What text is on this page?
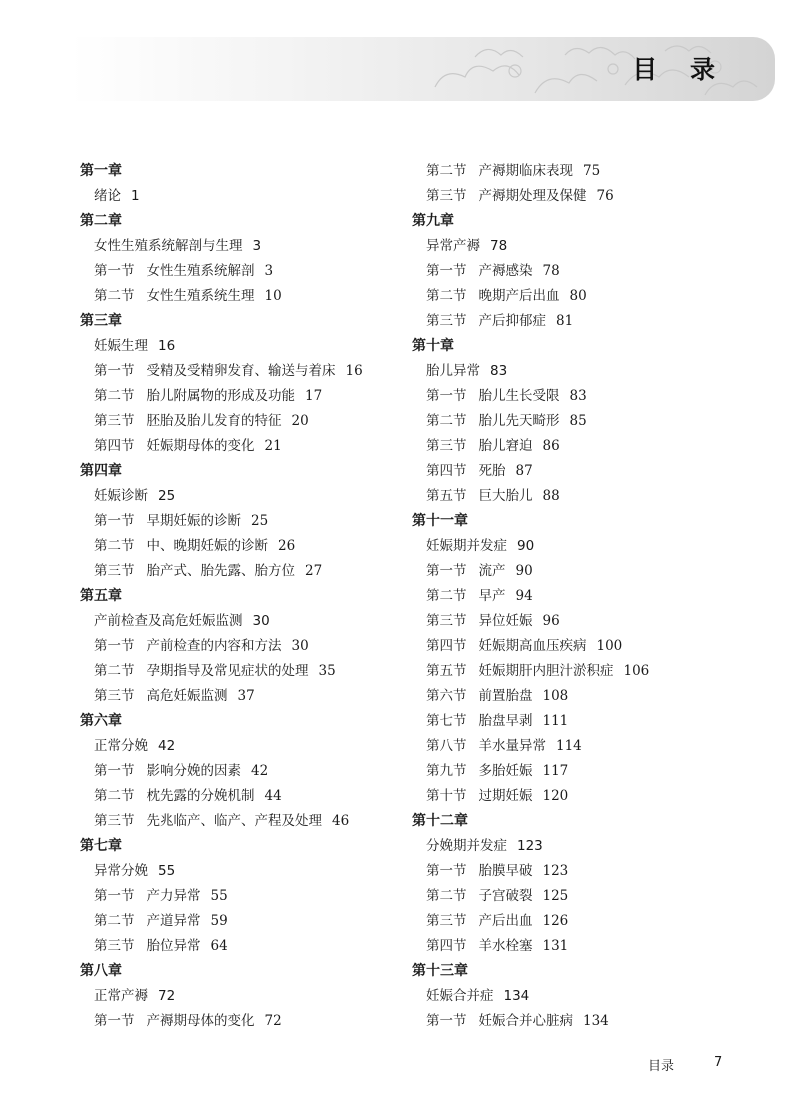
目 录
第一章
绪论 1
第二章
女性生殖系统解剖与生理 3
第一节 女性生殖系统解剖 3
第二节 女性生殖系统生理 10
第三章
妊娠生理 16
第一节 受精及受精卵发育、输送与着床 16
第二节 胎儿附属物的形成及功能 17
第三节 胚胎及胎儿发育的特征 20
第四节 妊娠期母体的变化 21
第四章
妊娠诊断 25
第一节 早期妊娠的诊断 25
第二节 中、晚期妊娠的诊断 26
第三节 胎产式、胎先露、胎方位 27
第五章
产前检查及高危妊娠监测 30
第一节 产前检查的内容和方法 30
第二节 孕期指导及常见症状的处理 35
第三节 高危妊娠监测 37
第六章
正常分娩 42
第一节 影响分娩的因素 42
第二节 枕先露的分娩机制 44
第三节 先兆临产、临产、产程及处理 46
第七章
异常分娩 55
第一节 产力异常 55
第二节 产道异常 59
第三节 胎位异常 64
第八章
正常产褥 72
第一节 产褥期母体的变化 72
第二节 产褥期临床表现 75
第三节 产褥期处理及保健 76
第九章
异常产褥 78
第一节 产褥感染 78
第二节 晚期产后出血 80
第三节 产后抑郁症 81
第十章
胎儿异常 83
第一节 胎儿生长受限 83
第二节 胎儿先天畸形 85
第三节 胎儿窘迫 86
第四节 死胎 87
第五节 巨大胎儿 88
第十一章
妊娠期并发症 90
第一节 流产 90
第二节 早产 94
第三节 异位妊娠 96
第四节 妊娠期高血压疾病 100
第五节 妊娠期肝内胆汁淤积症 106
第六节 前置胎盘 108
第七节 胎盘早剥 111
第八节 羊水量异常 114
第九节 多胎妊娠 117
第十节 过期妊娠 120
第十二章
分娩期并发症 123
第一节 胎膜早破 123
第二节 子宫破裂 125
第三节 产后出血 126
第四节 羊水栓塞 131
第十三章
妊娠合并症 134
第一节 妊娠合并心脏病 134
目录	7
